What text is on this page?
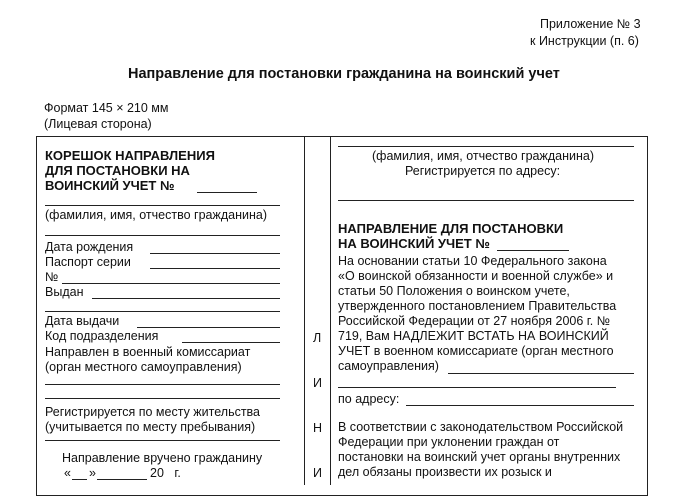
Приложение № 3
к Инструкции (п. 6)
Направление для постановки гражданина на воинский учет
Формат 145 × 210 мм
(Лицевая сторона)
КОРЕШОК НАПРАВЛЕНИЯ
ДЛЯ ПОСТАНОВКИ НА
ВОИНСКИЙ УЧЕТ №
(фамилия, имя, отчество гражданина)
Дата рождения
Паспорт серии
№
Выдан
Дата выдачи
Код подразделения
Направлен в военный комиссариат
(орган местного самоуправления)
Регистрируется по месту жительства
(учитывается по месту пребывания)
Направление вручено гражданину
« »	20   г.
Л
И
Н
И
(фамилия, имя, отчество гражданина)
Регистрируется по адресу:
НАПРАВЛЕНИЕ ДЛЯ ПОСТАНОВКИ
НА ВОИНСКИЙ УЧЕТ №
На основании статьи 10 Федерального закона
«О воинской обязанности и военной службе» и
статьи 50 Положения о воинском учете,
утвержденного постановлением Правительства
Российской Федерации от 27 ноября 2006 г. №
719, Вам НАДЛЕЖИТ ВСТАТЬ НА ВОИНСКИЙ
УЧЕТ в военном комиссариате (орган местного
самоуправления)
по адресу:
В соответствии с законодательством Российской
Федерации при уклонении граждан от
постановки на воинский учет органы внутренних
дел обязаны произвести их розыск и
